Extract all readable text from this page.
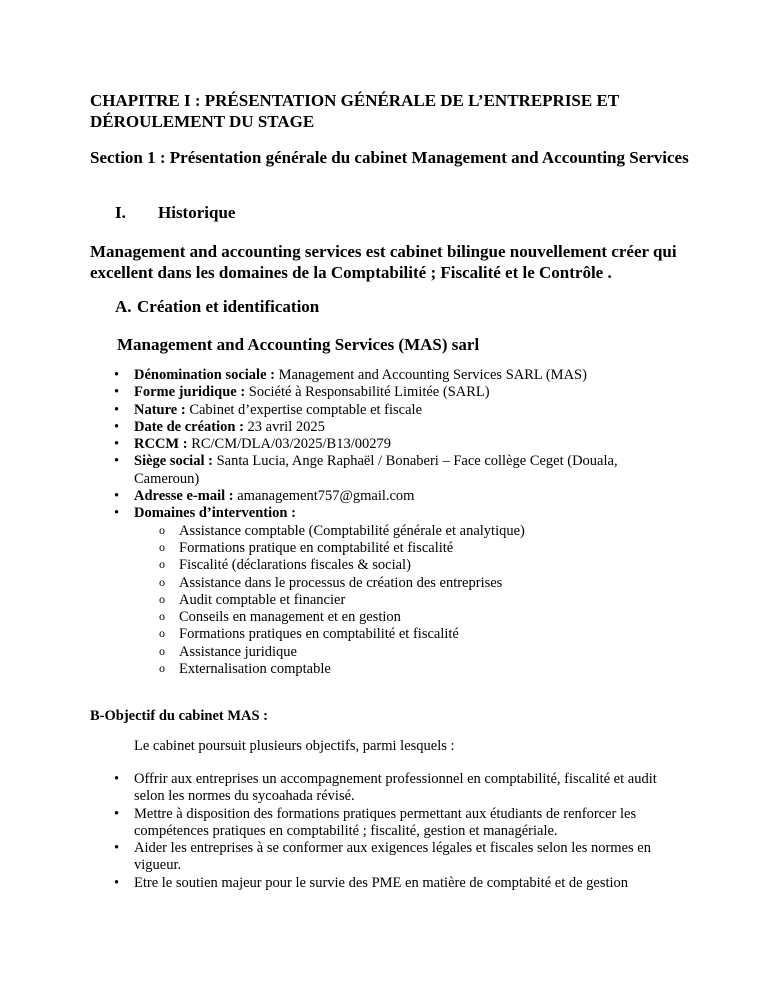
CHAPITRE I : PRÉSENTATION GÉNÉRALE DE L’ENTREPRISE ET DÉROULEMENT DU STAGE
Section 1 : Présentation générale du cabinet Management and Accounting Services
I. Historique
Management and accounting services est cabinet bilingue nouvellement créer qui excellent dans les domaines de la Comptabilité ; Fiscalité et le Contrôle .
A. Création et identification
Management and Accounting Services (MAS) sarl
• Dénomination sociale : Management and Accounting Services SARL (MAS)
• Forme juridique : Société à Responsabilité Limitée (SARL)
• Nature : Cabinet d’expertise comptable et fiscale
• Date de création : 23 avril 2025
• RCCM : RC/CM/DLA/03/2025/B13/00279
• Siège social : Santa Lucia, Ange Raphaël / Bonaberi – Face collège Ceget (Douala, Cameroun)
• Adresse e-mail : amanagement757@gmail.com
• Domaines d’intervention :
o Assistance comptable (Comptabilité générale et analytique)
o Formations pratique en comptabilité et fiscalité
o Fiscalité (déclarations fiscales & social)
o Assistance dans le processus de création des entreprises
o Audit comptable et financier
o Conseils en management et en gestion
o Formations pratiques en comptabilité et fiscalité
o Assistance juridique
o Externalisation comptable
B-Objectif du cabinet MAS :
Le cabinet poursuit plusieurs objectifs, parmi lesquels :
• Offrir aux entreprises un accompagnement professionnel en comptabilité, fiscalité et audit selon les normes du sycoahada révisé.
• Mettre à disposition des formations pratiques permettant aux étudiants de renforcer les compétences pratiques en comptabilité ; fiscalité, gestion et managériale.
• Aider les entreprises à se conformer aux exigences légales et fiscales selon les normes en vigueur.
• Etre le soutien majeur pour le survie des PME en matière de comptabité et de gestion
